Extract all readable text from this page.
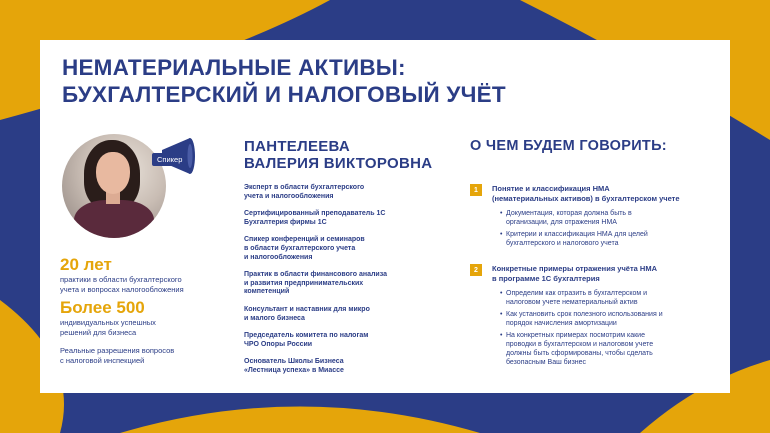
НЕМАТЕРИАЛЬНЫЕ АКТИВЫ:
БУХГАЛТЕРСКИЙ И НАЛОГОВЫЙ УЧЁТ
Спикер
20 лет
практики в области бухгалтерского
учета и вопросах налогообложения
Более 500
индивидуальных успешных
решений для бизнеса
Реальные разрешения вопросов
с налоговой инспекцией
ПАНТЕЛЕЕВА
ВАЛЕРИЯ ВИКТОРОВНА
Эксперт в области бухгалтерского
учета и налогообложения
Сертифицированный преподаватель 1С
Бухгалтерия фирмы 1С
Спикер конференций и семинаров
в области бухгалтерского учета
и налогообложения
Практик в области финансового анализа
и развития предпринимательских
компетенций
Консультант и наставник для микро
и малого бизнеса
Председатель комитета по налогам
ЧРО Опоры России
Основатель Школы Бизнеса
«Лестница успеха» в Миассе
О ЧЕМ БУДЕМ ГОВОРИТЬ:
1	Понятие и классификация НМА
(нематериальных активов) в бухгалтерском учете
• Документация, которая должна быть в
организации, для отражения НМА
• Критерии и классификация НМА для целей
бухгалтерского и налогового учета
2	Конкретные примеры отражения учёта НМА
в программе 1С бухгалтерия
• Определим как отразить в бухгалтерском и
налоговом учете нематериальный актив
• Как установить срок полезного использования и
порядок начисления амортизации
• На конкретных примерах посмотрим какие
проводки в бухгалтерском и налоговом учете
должны быть сформированы, чтобы сделать
безопасным Ваш бизнес
